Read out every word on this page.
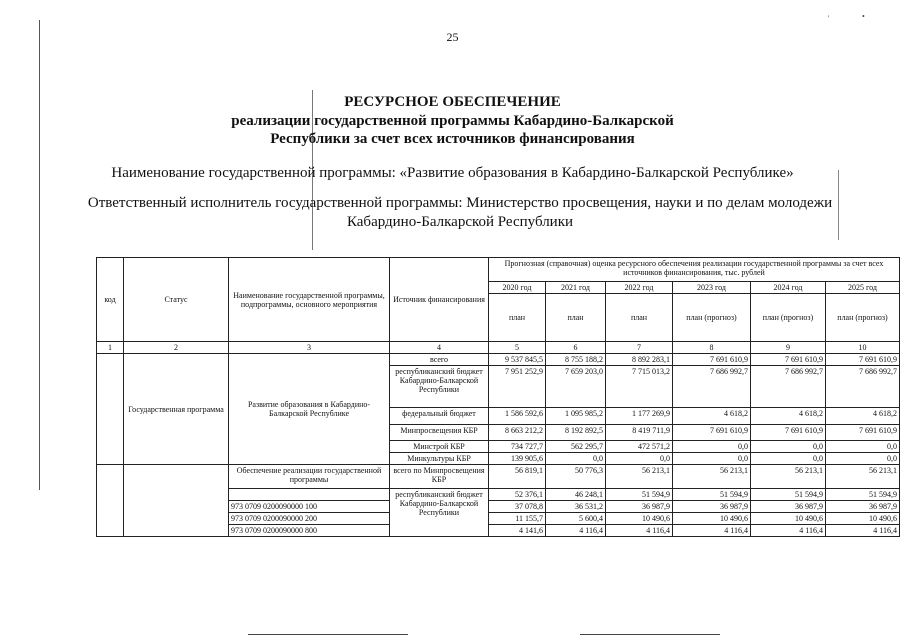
•
'
25
РЕСУРСНОЕ ОБЕСПЕЧЕНИЕ
реализации государственной программы Кабардино-Балкарской
Республики за счет всех источников финансирования
Наименование государственной программы: «Развитие образования в Кабардино-Балкарской Республике»
Ответственный исполнитель государственной программы: Министерство просвещения, науки и по делам молодежи Кабардино-Балкарской Республики
код	Статус	Наименование государственной программы, подпрограммы, основного мероприятия	Источник финансирования	Прогнозная (справочная) оценка ресурсного обеспечения реализации государственной программы за счет всех источников финансирования, тыс. рублей					
				2020 год	2021 год	2022 год	2023 год	2024 год	2025 год
				план	план	план	план (прогноз)	план (прогноз)	план (прогноз)
1	2	3	4	5	6	7	8	9	10
	Государственная программа	Развитие образования в Кабардино-Балкарской Республике	всего	9 537 845,5	8 755 188,2	8 892 283,1	7 691 610,9	7 691 610,9	7 691 610,9
			республиканский бюджет Кабардино-Балкарской Республики	7 951 252,9	7 659 203,0	7 715 013,2	7 686 992,7	7 686 992,7	7 686 992,7
			федеральный бюджет	1 586 592,6	1 095 985,2	1 177 269,9	4 618,2	4 618,2	4 618,2
			Минпросвещения КБР	8 663 212,2	8 192 892,5	8 419 711,9	7 691 610,9	7 691 610,9	7 691 610,9
			Минстрой КБР	734 727,7	562 295,7	472 571,2	0,0	0,0	0,0
			Минкультуры КБР	139 905,6	0,0	0,0	0,0	0,0	0,0
		Обеспечение реализации государственной программы	всего по Минпросвещения КБР	56 819,1	50 776,3	56 213,1	56 213,1	56 213,1	56 213,1
			республиканский бюджет Кабардино-Балкарской Республики	52 376,1	46 248,1	51 594,9	51 594,9	51 594,9	51 594,9
		973 0709 0200090000 100		37 078,8	36 531,2	36 987,9	36 987,9	36 987,9	36 987,9
		973 0709 0200090000 200		11 155,7	5 600,4	10 490,6	10 490,6	10 490,6	10 490,6
		973 0709 0200090000 800		4 141,6	4 116,4	4 116,4	4 116,4	4 116,4	4 116,4
